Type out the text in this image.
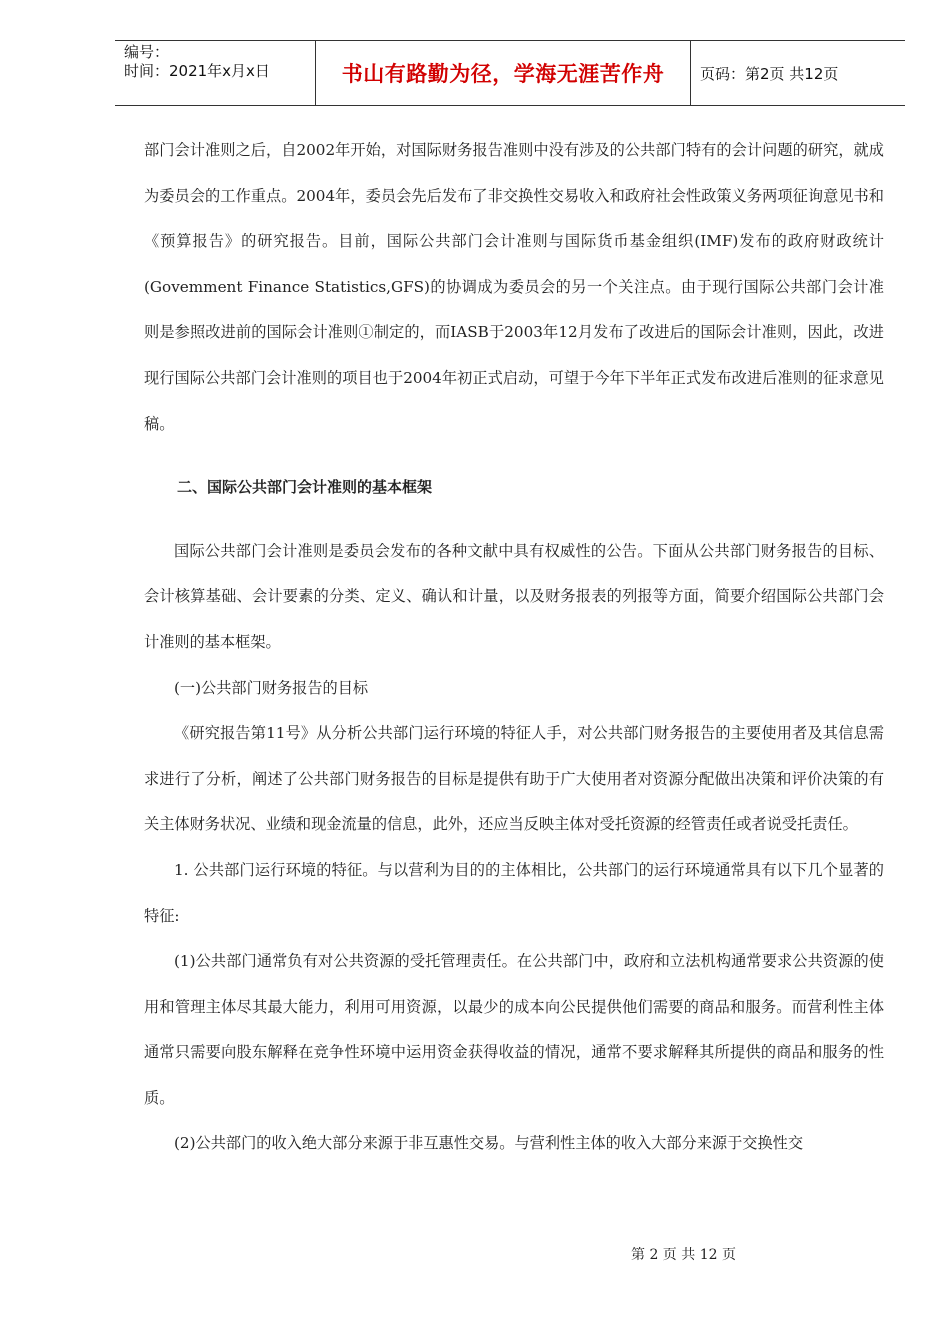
编号：
时间：2021年x月x日	书山有路勤为径，学海无涯苦作舟 页码：第2页 共12页

部门会计准则之后，自2002年开始，对国际财务报告准则中没有涉及的公共部门特有的会计问题的研究，就成为委员会的工作重点。2004年，委员会先后发布了非交换性交易收入和政府社会性政策义务两项征询意见书和《预算报告》的研究报告。目前，国际公共部门会计准则与国际货币基金组织(IMF)发布的政府财政统计(Govemment Finance Statistics,GFS)的协调成为委员会的另一个关注点。由于现行国际公共部门会计准则是参照改进前的国际会计准则①制定的，而IASB于2003年12月发布了改进后的国际会计准则，因此，改进现行国际公共部门会计准则的项目也于2004年初正式启动，可望于今年下半年正式发布改进后准则的征求意见稿。

二、国际公共部门会计准则的基本框架

国际公共部门会计准则是委员会发布的各种文献中具有权威性的公告。下面从公共部门财务报告的目标、会计核算基础、会计要素的分类、定义、确认和计量，以及财务报表的列报等方面，简要介绍国际公共部门会计准则的基本框架。

(一)公共部门财务报告的目标

《研究报告第11号》从分析公共部门运行环境的特征人手，对公共部门财务报告的主要使用者及其信息需求进行了分析，阐述了公共部门财务报告的目标是提供有助于广大使用者对资源分配做出决策和评价决策的有关主体财务状况、业绩和现金流量的信息，此外，还应当反映主体对受托资源的经管责任或者说受托责任。

1. 公共部门运行环境的特征。与以营利为目的的主体相比，公共部门的运行环境通常具有以下几个显著的特征:

(1)公共部门通常负有对公共资源的受托管理责任。在公共部门中，政府和立法机构通常要求公共资源的使用和管理主体尽其最大能力，利用可用资源，以最少的成本向公民提供他们需要的商品和服务。而营利性主体通常只需要向股东解释在竞争性环境中运用资金获得收益的情况，通常不要求解释其所提供的商品和服务的性质。

(2)公共部门的收入绝大部分来源于非互惠性交易。与营利性主体的收入大部分来源于交换性交

第 2 页 共 12 页
